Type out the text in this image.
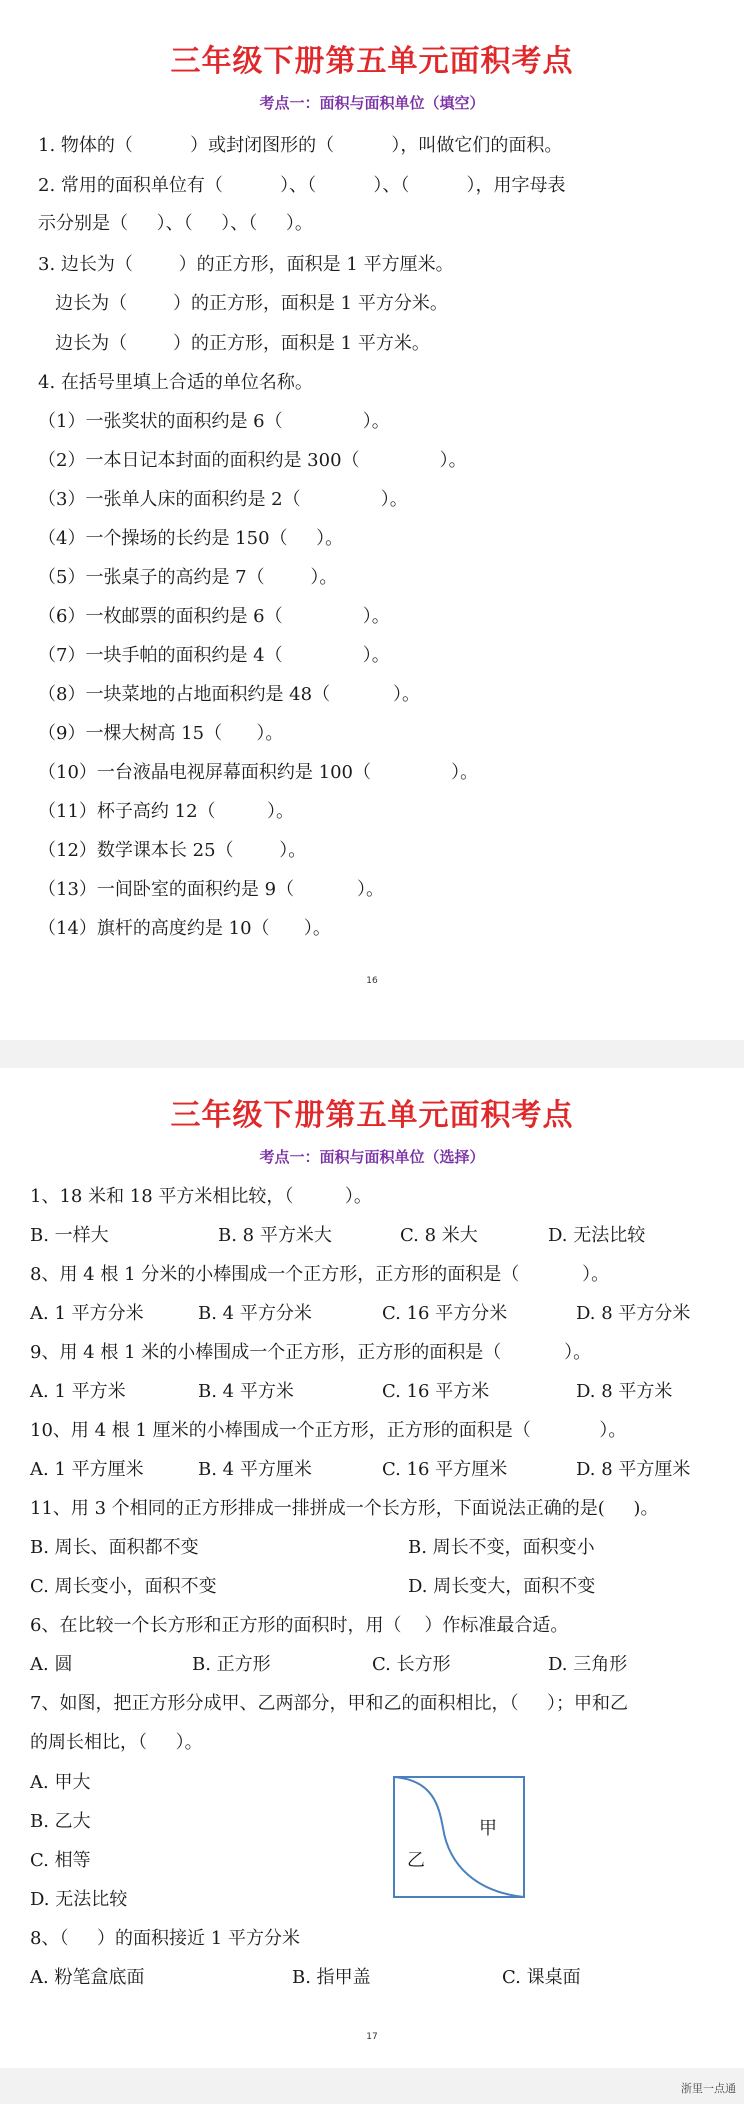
三年级下册第五单元面积考点
考点一：面积与面积单位（填空）
1. 物体的（          ）或封闭图形的（          ），叫做它们的面积。
2. 常用的面积单位有（          ）、（          ）、（          ），用字母表
示分别是（     ）、（     ）、（     ）。
3. 边长为（        ）的正方形，面积是 1 平方厘米。
边长为（        ）的正方形，面积是 1 平方分米。
边长为（        ）的正方形，面积是 1 平方米。
4. 在括号里填上合适的单位名称。
（1）一张奖状的面积约是 6（              ）。
（2）一本日记本封面的面积约是 300（              ）。
（3）一张单人床的面积约是 2（              ）。
（4）一个操场的长约是 150（     ）。
（5）一张桌子的高约是 7（        ）。
（6）一枚邮票的面积约是 6（              ）。
（7）一块手帕的面积约是 4（              ）。
（8）一块菜地的占地面积约是 48（           ）。
（9）一棵大树高 15（      ）。
（10）一台液晶电视屏幕面积约是 100（              ）。
（11）杯子高约 12（         ）。
（12）数学课本长 25（        ）。
（13）一间卧室的面积约是 9（           ）。
（14）旗杆的高度约是 10（      ）。
16
三年级下册第五单元面积考点
考点一：面积与面积单位（选择）
1、18 米和 18 平方米相比较，（         ）。
B. 一样大	B. 8 平方米大	C. 8 米大	D. 无法比较
8、用 4 根 1 分米的小棒围成一个正方形，正方形的面积是（           ）。
A. 1 平方分米	B. 4 平方分米	C. 16 平方分米	D. 8 平方分米
9、用 4 根 1 米的小棒围成一个正方形，正方形的面积是（           ）。
A. 1 平方米	B. 4 平方米	C. 16 平方米	D. 8 平方米
10、用 4 根 1 厘米的小棒围成一个正方形，正方形的面积是（            ）。
A. 1 平方厘米	B. 4 平方厘米	C. 16 平方厘米	D. 8 平方厘米
11、用 3 个相同的正方形排成一排拼成一个长方形，下面说法正确的是(     )。
B. 周长、面积都不变	B. 周长不变，面积变小
C. 周长变小，面积不变	D. 周长变大，面积不变
6、在比较一个长方形和正方形的面积时，用（    ）作标准最合适。
A. 圆	B. 正方形	C. 长方形	D. 三角形
7、如图，把正方形分成甲、乙两部分，甲和乙的面积相比，（     ）；甲和乙
的周长相比，（     ）。
A. 甲大
B. 乙大
C. 相等
D. 无法比较
甲
乙
8、（     ）的面积接近 1 平方分米
A. 粉笔盒底面	B. 指甲盖	C. 课桌面
17
浙里一点通
